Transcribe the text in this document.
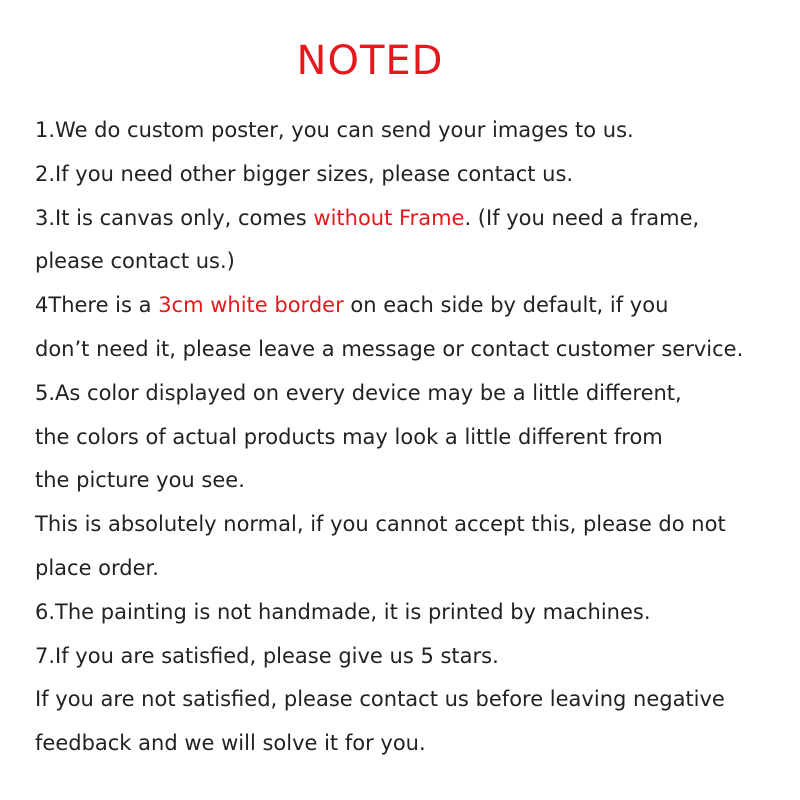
NOTED
1.We do custom poster, you can send your images to us.
2.If you need other bigger sizes, please contact us.
3.It is canvas only, comes without Frame. (If you need a frame,
please contact us.)
4There is a 3cm white border on each side by default, if you
don’t need it, please leave a message or contact customer service.
5.As color displayed on every device may be a little different,
the colors of actual products may look a little different from
the picture you see.
This is absolutely normal, if you cannot accept this, please do not
place order.
6.The painting is not handmade, it is printed by machines.
7.If you are satisfied, please give us 5 stars.
If you are not satisfied, please contact us before leaving negative
feedback and we will solve it for you.
